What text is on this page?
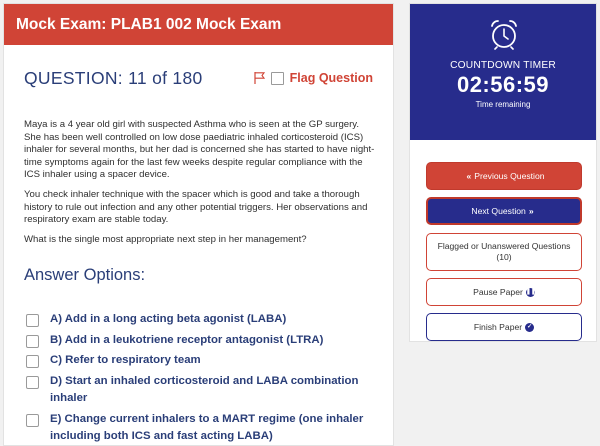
Mock Exam: PLAB1 002 Mock Exam
QUESTION: 11 of 180	Flag Question

Maya is a 4 year old girl with suspected Asthma who is seen at the GP surgery. She has been well controlled on low dose paediatric inhaled corticosteroid (ICS) inhaler for several months, but her dad is concerned she has started to have night-time symptoms again for the last few weeks despite regular compliance with the ICS inhaler using a spacer device.

You check inhaler technique with the spacer which is good and take a thorough history to rule out infection and any other potential triggers. Her observations and respiratory exam are stable today.

What is the single most appropriate next step in her management?

Answer Options:
A) Add in a long acting beta agonist (LABA)
B) Add in a leukotriene receptor antagonist (LTRA)
C) Refer to respiratory team
D) Start an inhaled corticosteroid and LABA combination inhaler
E) Change current inhalers to a MART regime (one inhaler including both ICS and fast acting LABA)
COUNTDOWN TIMER
02:56:59
Time remaining
« Previous Question
Next Question »
Flagged or Unanswered Questions (10)
Pause Paper ❚❚
Finish Paper ✓
